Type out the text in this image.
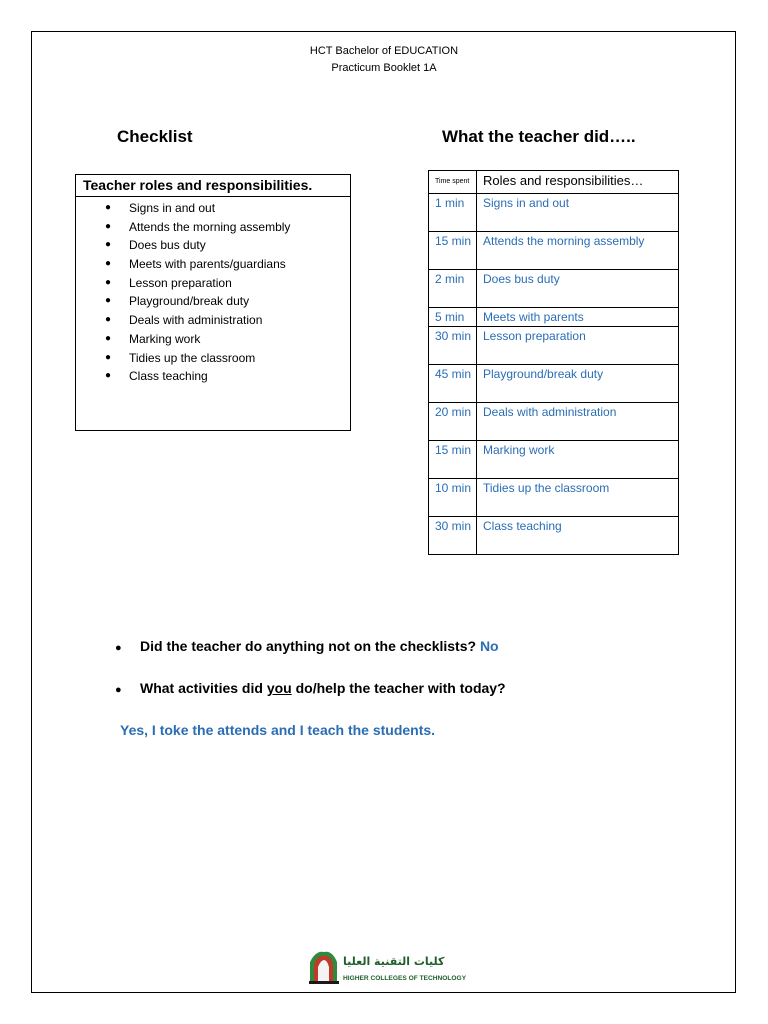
HCT Bachelor of EDUCATION
Practicum Booklet 1A
Checklist	What the teacher did…..
Teacher roles and responsibilities.
● Signs in and out
● Attends the morning assembly
● Does bus duty
● Meets with parents/guardians
● Lesson preparation
● Playground/break duty
● Deals with administration
● Marking work
● Tidies up the classroom
● Class teaching
Time spent	Roles and responsibilities…
1 min	Signs in and out
15 min	Attends the morning assembly
2 min	Does bus duty
5 min	Meets with parents
30 min	Lesson preparation
45 min	Playground/break duty
20 min	Deals with administration
15 min	Marking work
10 min	Tidies up the classroom
30 min	Class teaching
● Did the teacher do anything not on the checklists? No
● What activities did you do/help the teacher with today?
Yes, I toke the attends and I teach the students.
كليات التقنية العليا
HIGHER COLLEGES OF TECHNOLOGY
